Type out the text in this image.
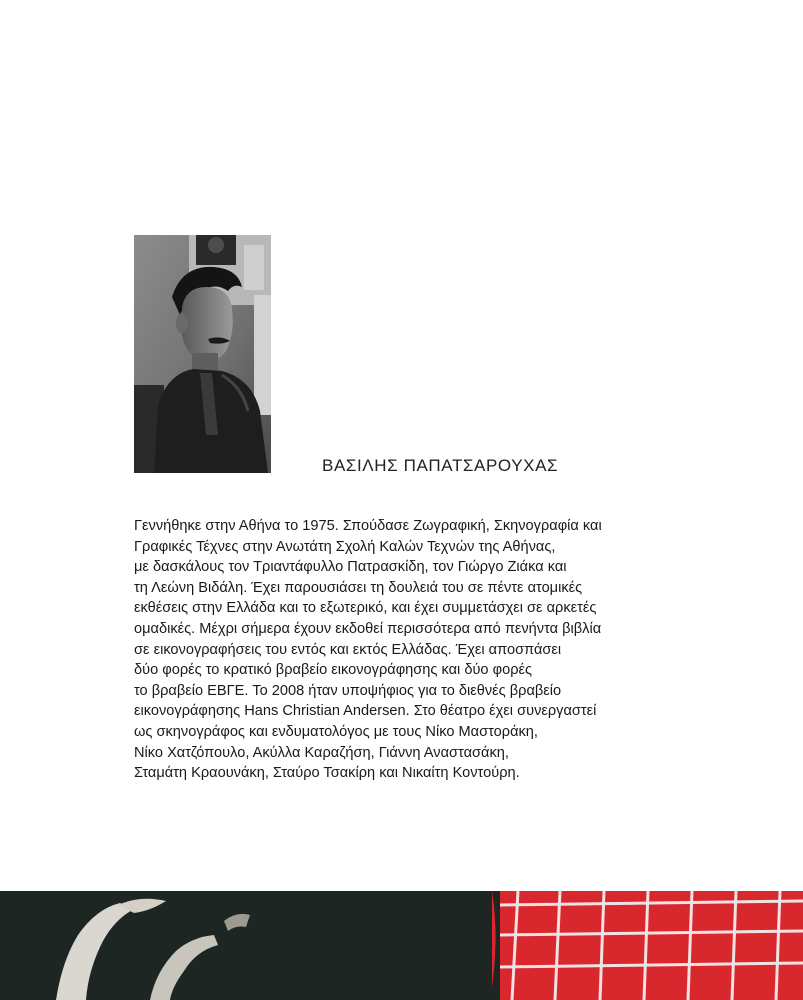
ΒΑΣΙΛΗΣ ΠΑΠΑΤΣΑΡΟΥΧΑΣ
Γεννήθηκε στην Αθήνα το 1975. Σπούδασε Ζωγραφική, Σκηνογραφία και
Γραφικές Τέχνες στην Ανωτάτη Σχολή Καλών Τεχνών της Αθήνας,
με δασκάλους τον Τριαντάφυλλο Πατρασκίδη, τον Γιώργο Ζιάκα και
τη Λεώνη Βιδάλη. Έχει παρουσιάσει τη δουλειά του σε πέντε ατομικές
εκθέσεις στην Ελλάδα και το εξωτερικό, και έχει συμμετάσχει σε αρκετές
ομαδικές. Μέχρι σήμερα έχουν εκδοθεί περισσότερα από πενήντα βιβλία
σε εικονογραφήσεις του εντός και εκτός Ελλάδας. Έχει αποσπάσει
δύο φορές το κρατικό βραβείο εικονογράφησης και δύο φορές
το βραβείο ΕΒΓΕ. Το 2008 ήταν υποψήφιος για το διεθνές βραβείο
εικονογράφησης Hans Christian Andersen. Στο θέατρο έχει συνεργαστεί
ως σκηνογράφος και ενδυματολόγος με τους Νίκο Μαστοράκη,
Νίκο Χατζόπουλο, Ακύλλα Καραζήση, Γιάννη Αναστασάκη,
Σταμάτη Κραουνάκη, Σταύρο Τσακίρη και Νικαίτη Κοντούρη.
